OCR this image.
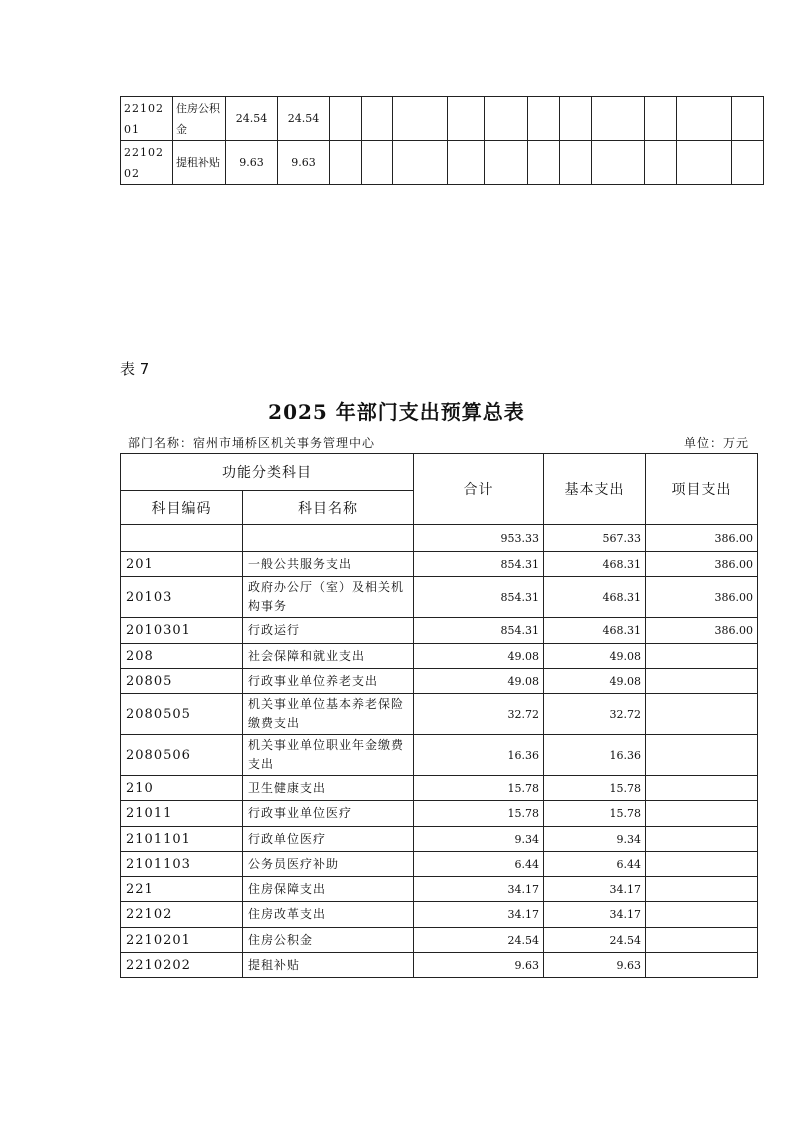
2210201	住房公积金	24.54	24.54											
2210202	提租补贴	9.63	9.63											
表 7
2025 年部门支出预算总表
部门名称：宿州市埇桥区机关事务管理中心	单位：万元
功能分类科目		合计	基本支出	项目支出
科目编码	科目名称			
		953.33	567.33	386.00
201	一般公共服务支出	854.31	468.31	386.00
20103	政府办公厅（室）及相关机构事务	854.31	468.31	386.00
2010301	行政运行	854.31	468.31	386.00
208	社会保障和就业支出	49.08	49.08	
20805	行政事业单位养老支出	49.08	49.08	
2080505	机关事业单位基本养老保险缴费支出	32.72	32.72	
2080506	机关事业单位职业年金缴费支出	16.36	16.36	
210	卫生健康支出	15.78	15.78	
21011	行政事业单位医疗	15.78	15.78	
2101101	行政单位医疗	9.34	9.34	
2101103	公务员医疗补助	6.44	6.44	
221	住房保障支出	34.17	34.17	
22102	住房改革支出	34.17	34.17	
2210201	住房公积金	24.54	24.54	
2210202	提租补贴	9.63	9.63	
